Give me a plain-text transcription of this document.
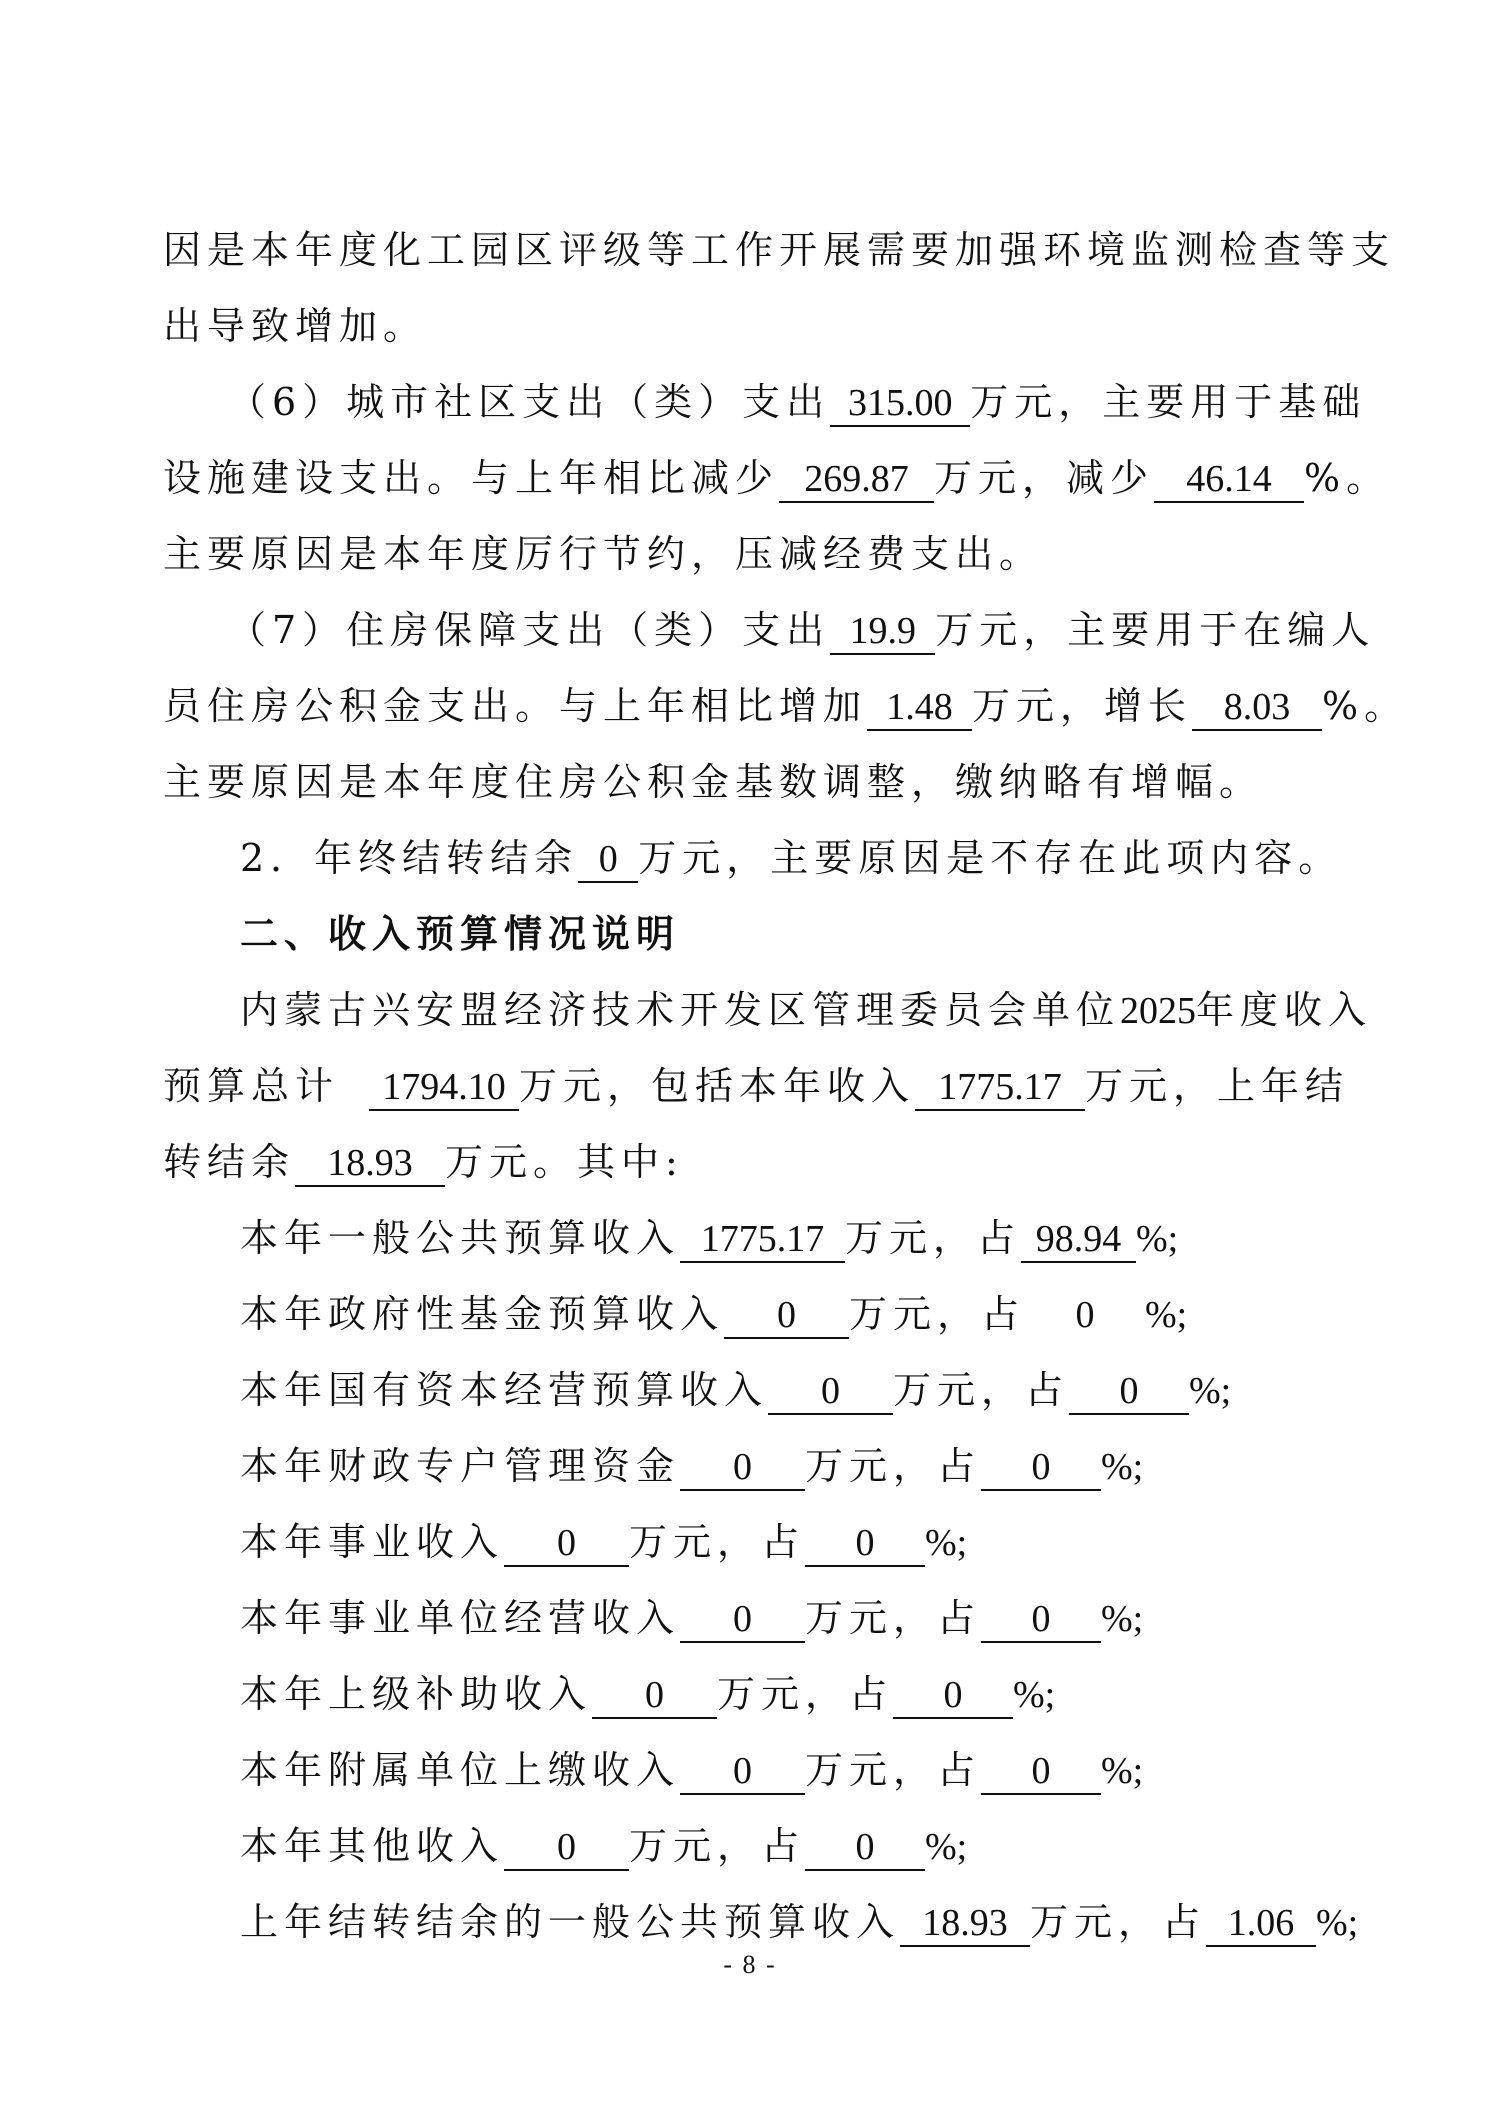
因是本年度化工园区评级等工作开展需要加强环境监测检查等支
出导致增加。
（6）城市社区支出（类）支出 315.00 万元，主要用于基础
设施建设支出。与上年相比减少 269.87 万元，减少 46.14 %。
主要原因是本年度厉行节约，压减经费支出。
（7）住房保障支出（类）支出 19.9 万元，主要用于在编人
员住房公积金支出。与上年相比增加 1.48 万元，增长 8.03 %。
主要原因是本年度住房公积金基数调整，缴纳略有增幅。
2．年终结转结余 0 万元，主要原因是不存在此项内容。
二、收入预算情况说明
内蒙古兴安盟经济技术开发区管理委员会单位2025年度收入
预算总计 1794.10 万元，包括本年收入 1775.17 万元，上年结
转结余 18.93 万元。其中:
本年一般公共预算收入 1775.17 万元，占 98.94 %;
本年政府性基金预算收入 0 万元，占 0 %;
本年国有资本经营预算收入 0 万元，占 0 %;
本年财政专户管理资金 0 万元，占 0 %;
本年事业收入 0 万元，占 0 %;
本年事业单位经营收入 0 万元，占 0 %;
本年上级补助收入 0 万元，占 0 %;
本年附属单位上缴收入 0 万元，占 0 %;
本年其他收入 0 万元，占 0 %;
上年结转结余的一般公共预算收入 18.93 万元，占 1.06 %;
- 8 -
